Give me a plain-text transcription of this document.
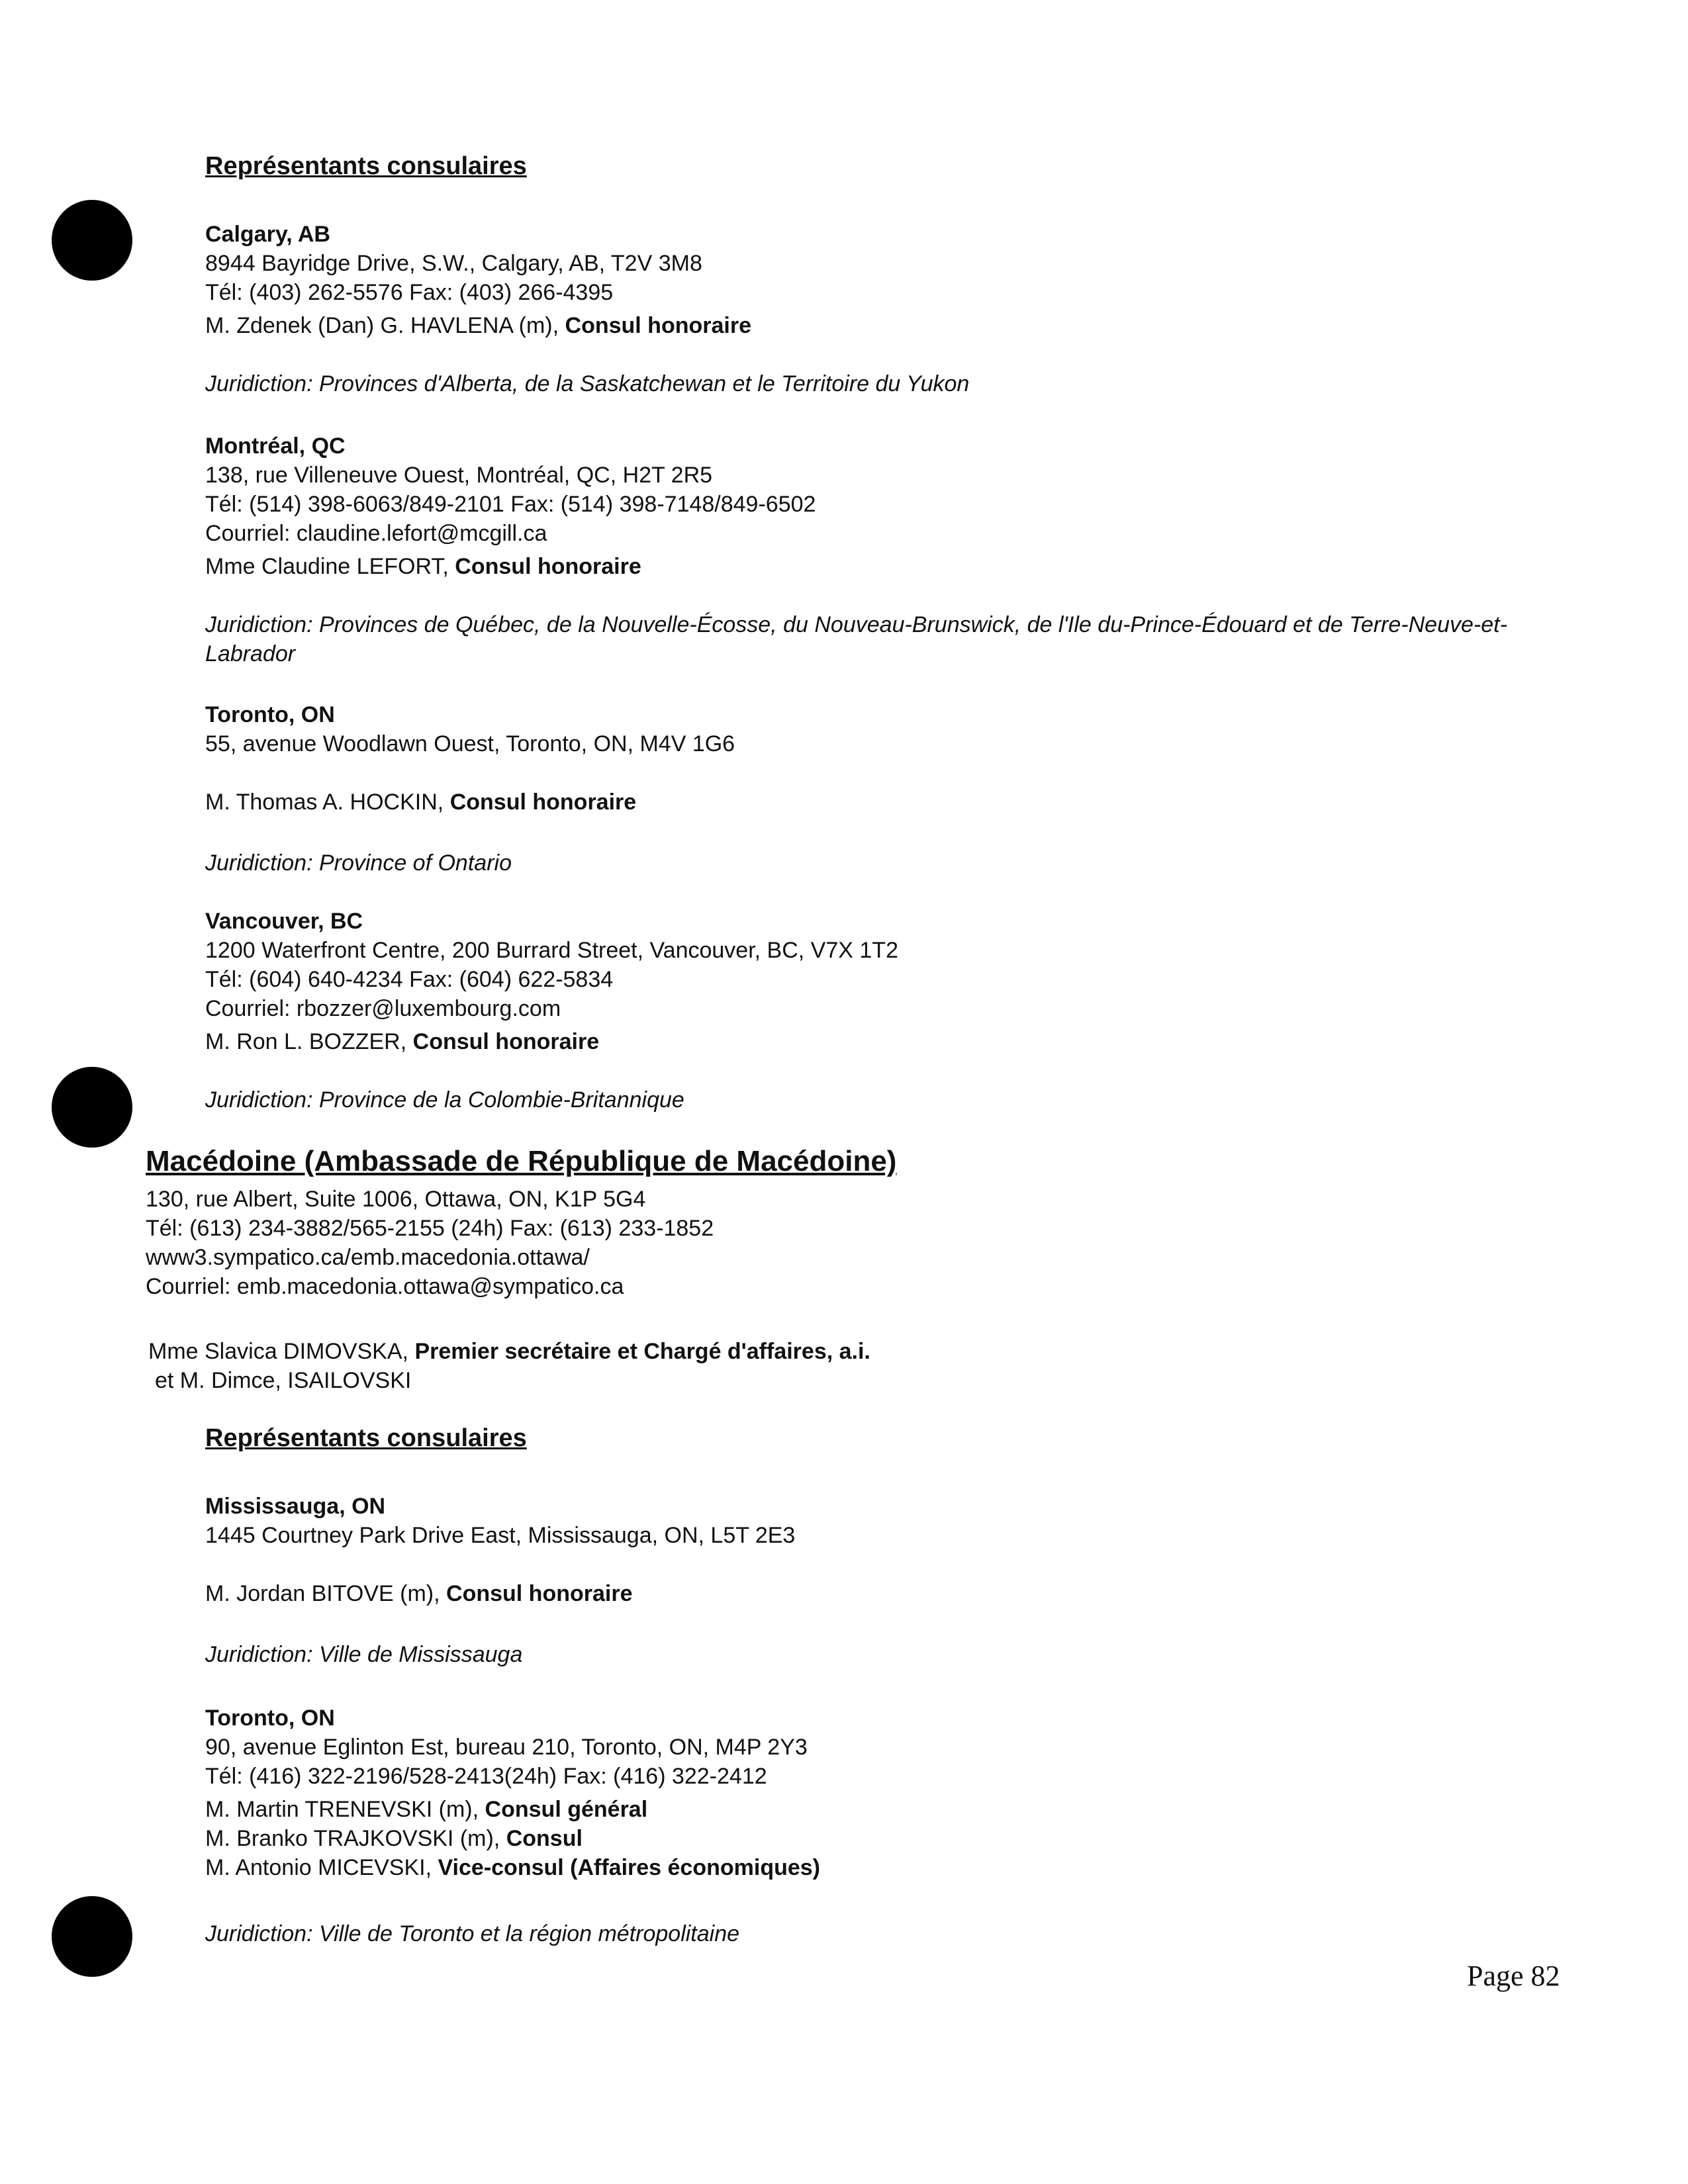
Représentants consulaires
Calgary, AB
8944 Bayridge Drive, S.W., Calgary, AB, T2V 3M8
Tél: (403) 262-5576 Fax: (403) 266-4395
M. Zdenek (Dan) G. HAVLENA (m), Consul honoraire
Juridiction: Provinces d'Alberta, de la Saskatchewan et le Territoire du Yukon
Montréal, QC
138, rue Villeneuve Ouest, Montréal, QC, H2T 2R5
Tél: (514) 398-6063/849-2101 Fax: (514) 398-7148/849-6502
Courriel: claudine.lefort@mcgill.ca
Mme Claudine LEFORT, Consul honoraire
Juridiction: Provinces de Québec, de la Nouvelle-Écosse, du Nouveau-Brunswick, de l'Ile du-Prince-Édouard et de Terre-Neuve-et-Labrador
Toronto, ON
55, avenue Woodlawn Ouest, Toronto, ON, M4V 1G6
M. Thomas A. HOCKIN, Consul honoraire
Juridiction: Province of Ontario
Vancouver, BC
1200 Waterfront Centre, 200 Burrard Street, Vancouver, BC, V7X 1T2
Tél: (604) 640-4234 Fax: (604) 622-5834
Courriel: rbozzer@luxembourg.com
M. Ron L. BOZZER, Consul honoraire
Juridiction: Province de la Colombie-Britannique
Macédoine (Ambassade de République de Macédoine)
130, rue Albert, Suite 1006, Ottawa, ON, K1P 5G4
Tél: (613) 234-3882/565-2155 (24h) Fax: (613) 233-1852
www3.sympatico.ca/emb.macedonia.ottawa/
Courriel: emb.macedonia.ottawa@sympatico.ca
Mme Slavica DIMOVSKA, Premier secrétaire et Chargé d'affaires, a.i.
et M. Dimce, ISAILOVSKI
Représentants consulaires
Mississauga, ON
1445 Courtney Park Drive East, Mississauga, ON, L5T 2E3
M. Jordan BITOVE (m), Consul honoraire
Juridiction: Ville de Mississauga
Toronto, ON
90, avenue Eglinton Est, bureau 210, Toronto, ON, M4P 2Y3
Tél: (416) 322-2196/528-2413(24h) Fax: (416) 322-2412
M. Martin TRENEVSKI (m), Consul général
M. Branko TRAJKOVSKI (m), Consul
M. Antonio MICEVSKI, Vice-consul (Affaires économiques)
Juridiction: Ville de Toronto et la région métropolitaine
Page 82
